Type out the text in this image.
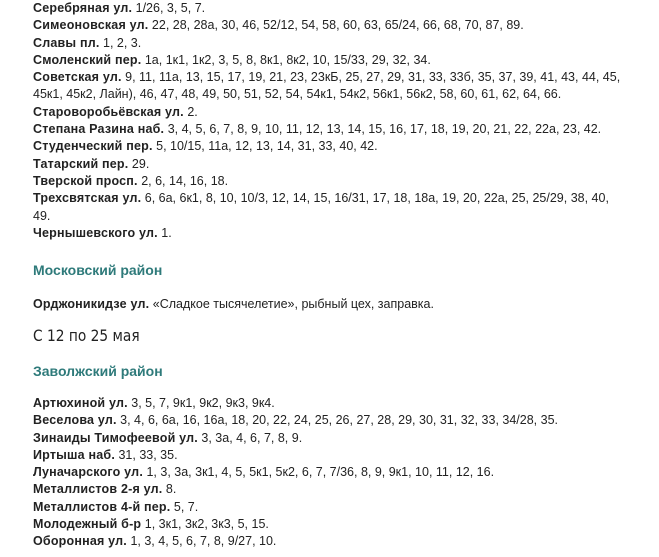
Серебряная ул. 1/26, 3, 5, 7.
Симеоновская ул. 22, 28, 28а, 30, 46, 52/12, 54, 58, 60, 63, 65/24, 66, 68, 70, 87, 89.
Славы пл. 1, 2, 3.
Смоленский пер. 1а, 1к1, 1к2, 3, 5, 8, 8к1, 8к2, 10, 15/33, 29, 32, 34.
Советская ул. 9, 11, 11а, 13, 15, 17, 19, 21, 23, 23кБ, 25, 27, 29, 31, 33, 33б, 35, 37, 39, 41, 43, 44, 45,
45к1, 45к2, Лайн), 46, 47, 48, 49, 50, 51, 52, 54, 54к1, 54к2, 56к1, 56к2, 58, 60, 61, 62, 64, 66.
Староворобьёвская ул. 2.
Степана Разина наб. 3, 4, 5, 6, 7, 8, 9, 10, 11, 12, 13, 14, 15, 16, 17, 18, 19, 20, 21, 22, 22а, 23, 42.
Студенческий пер. 5, 10/15, 11а, 12, 13, 14, 31, 33, 40, 42.
Татарский пер. 29.
Тверской просп. 2, 6, 14, 16, 18.
Трехсвятская ул. 6, 6а, 6к1, 8, 10, 10/3, 12, 14, 15, 16/31, 17, 18, 18а, 19, 20, 22а, 25, 25/29, 38, 40,
49.
Чернышевского ул. 1.
Московский район
Орджоникидзе ул. «Сладкое тысячелетие», рыбный цех, заправка.
С 12 по 25 мая
Заволжский район
Артюхиной ул. 3, 5, 7, 9к1, 9к2, 9к3, 9к4.
Веселова ул. 3, 4, 6, 6а, 16, 16а, 18, 20, 22, 24, 25, 26, 27, 28, 29, 30, 31, 32, 33, 34/28, 35.
Зинаиды Тимофеевой ул. 3, 3а, 4, 6, 7, 8, 9.
Иртыша наб. 31, 33, 35.
Луначарского ул. 1, 3, 3а, 3к1, 4, 5, 5к1, 5к2, 6, 7, 7/36, 8, 9, 9к1, 10, 11, 12, 16.
Металлистов 2-я ул. 8.
Металлистов 4-й пер. 5, 7.
Молодежный б-р 1, 3к1, 3к2, 3к3, 5, 15.
Оборонная ул. 1, 3, 4, 5, 6, 7, 8, 9/27, 10.
